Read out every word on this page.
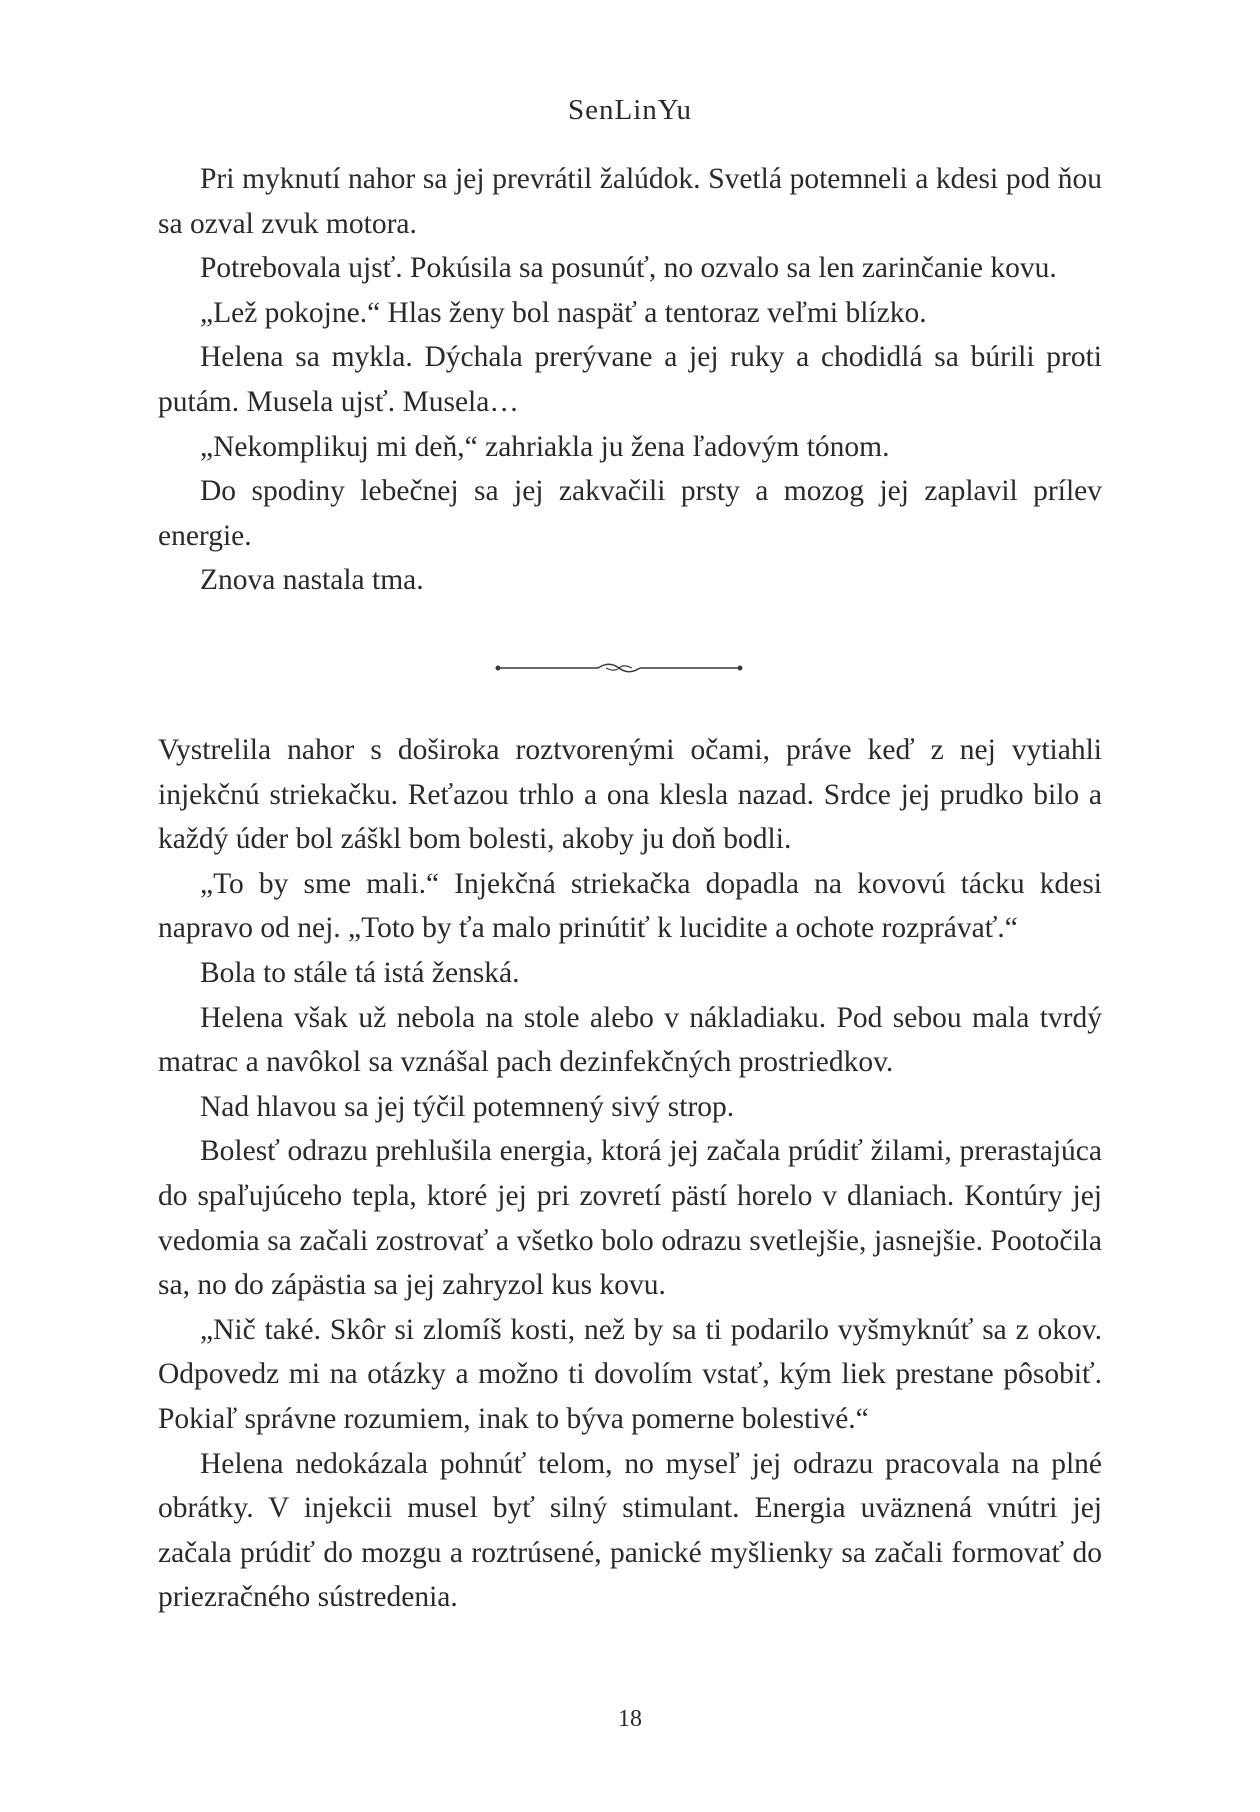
SenLinYu

Pri myknutí nahor sa jej prevrátil žalúdok. Svetlá potemneli a kdesi pod ňou sa ozval zvuk motora.

Potrebovala ujsť. Pokúsila sa posunúť, no ozvalo sa len zarinčanie kovu.

„Lež pokojne.“ Hlas ženy bol naspäť a tentoraz veľmi blízko.

Helena sa mykla. Dýchala prerývane a jej ruky a chodidlá sa búrili proti putám. Musela ujsť. Musela…

„Nekomplikuj mi deň,“ zahriakla ju žena ľadovým tónom.

Do spodiny lebečnej sa jej zakvačili prsty a mozog jej zaplavil prílev energie.

Znova nastala tma.

Vystrelila nahor s doširoka roztvorenými očami, práve keď z nej vytiahli injekčnú striekačku. Reťazou trhlo a ona klesla nazad. Srdce jej prudko bilo a každý úder bol záškl bom bolesti, akoby ju doň bodli.

„To by sme mali.“ Injekčná striekačka dopadla na kovovú tácku kdesi napravo od nej. „Toto by ťa malo prinútiť k lucidite a ochote rozprávať.“

Bola to stále tá istá ženská.

Helena však už nebola na stole alebo v nákladiaku. Pod sebou mala tvrdý matrac a navôkol sa vznášal pach dezinfekčných prostriedkov.

Nad hlavou sa jej týčil potemnený sivý strop.

Bolesť odrazu prehlušila energia, ktorá jej začala prúdiť žilami, prerastajúca do spaľujúceho tepla, ktoré jej pri zovretí pästí horelo v dlaniach. Kontúry jej vedomia sa začali zostrovať a všetko bolo odrazu svetlejšie, jasnejšie. Pootočila sa, no do zápästia sa jej zahryzol kus kovu.

„Nič také. Skôr si zlomíš kosti, než by sa ti podarilo vyšmyknúť sa z okov. Odpovedz mi na otázky a možno ti dovolím vstať, kým liek prestane pôsobiť. Pokiaľ správne rozumiem, inak to býva pomerne bolestivé.“

Helena nedokázala pohnúť telom, no myseľ jej odrazu pracovala na plné obrátky. V injekcii musel byť silný stimulant. Energia uväznená vnútri jej začala prúdiť do mozgu a roztrúsené, panické myšlienky sa začali formovať do priezračného sústredenia.

18
